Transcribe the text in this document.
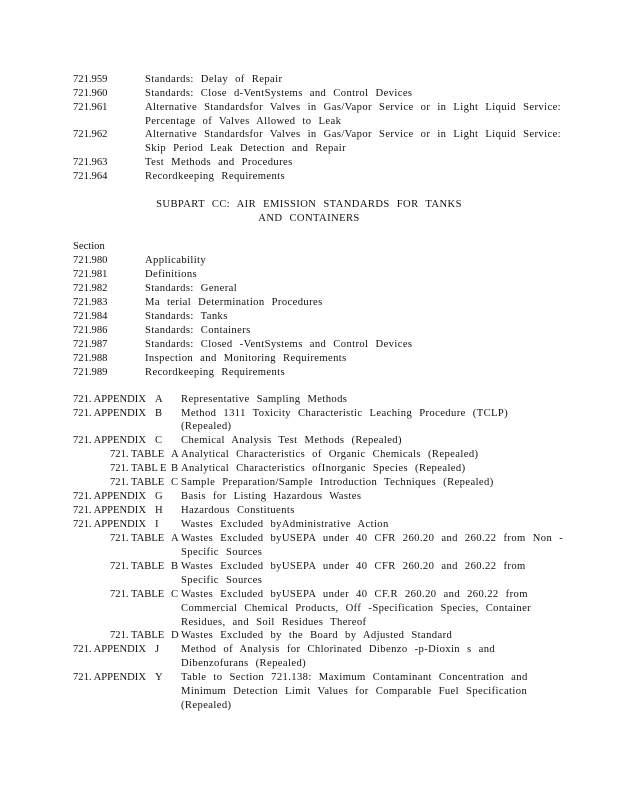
721.959	Standards: Delay of Repair
721.960	Standards: Close d-VentSystems and Control Devices
721.961	Alternative Standardsfor Valves in Gas/Vapor Service or in Light Liquid Service:
Percentage of Valves Allowed to Leak
721.962	Alternative Standardsfor Valves in Gas/Vapor Service or in Light Liquid Service:
Skip Period Leak Detection and Repair
721.963	Test Methods and Procedures
721.964	Recordkeeping Requirements
SUBPART CC: AIR EMISSION STANDARDS FOR TANKS
AND CONTAINERS
Section
721.980	Applicability
721.981	Definitions
721.982	Standards: General
721.983	Ma terial Determination Procedures
721.984	Standards: Tanks
721.986	Standards: Containers
721.987	Standards: Closed -VentSystems and Control Devices
721.988	Inspection and Monitoring Requirements
721.989	Recordkeeping Requirements
721. APPENDIX A Representative Sampling Methods
721. APPENDIX B Method 1311 Toxicity Characteristic Leaching Procedure (TCLP)
(Repealed)
721. APPENDIX C Chemical Analysis Test Methods (Repealed)
721. TABLE A Analytical Characteristics of Organic Chemicals (Repealed)
721. TABL E B Analytical Characteristics ofInorganic Species (Repealed)
721. TABLE C Sample Preparation/Sample Introduction Techniques (Repealed)
721. APPENDIX G Basis for Listing Hazardous Wastes
721. APPENDIX H Hazardous Constituents
721. APPENDIX I Wastes Excluded byAdministrative Action
721. TABLE A Wastes Excluded byUSEPA under 40 CFR 260.20 and 260.22 from Non -
Specific Sources
721. TABLE B Wastes Excluded byUSEPA under 40 CFR 260.20 and 260.22 from
Specific Sources
721. TABLE C Wastes Excluded byUSEPA under 40 CF.R 260.20 and 260.22 from
Commercial Chemical Products, Off -Specification Species, Container
Residues, and Soil Residues Thereof
721. TABLE D Wastes Excluded by the Board by Adjusted Standard
721. APPENDIX J Method of Analysis for Chlorinated Dibenzo -p-Dioxin s and
Dibenzofurans (Repealed)
721. APPENDIX Y Table to Section 721.138: Maximum Contaminant Concentration and
Minimum Detection Limit Values for Comparable Fuel Specification
(Repealed)
